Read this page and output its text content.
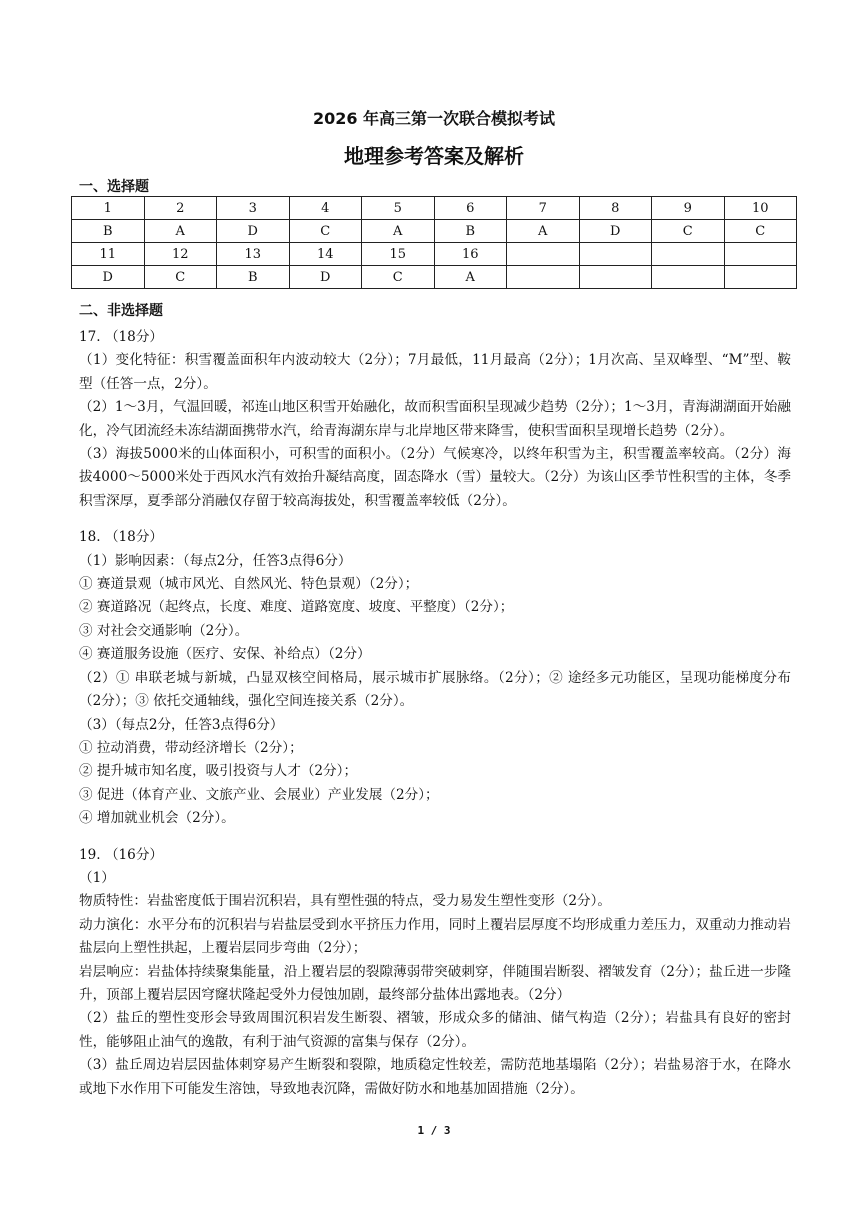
2026 年高三第一次联合模拟考试
地理参考答案及解析
一、选择题
1	2	3	4	5	6	7	8	9	10
B	A	D	C	A	B	A	D	C	C
11	12	13	14	15	16				
D	C	B	D	C	A				
二、非选择题

17. （18分）

（1）变化特征：积雪覆盖面积年内波动较大（2分）；7月最低，11月最高（2分）；1月次高、呈双峰型、“M”型、鞍型（任答一点，2分）。

（2）1～3月，气温回暖，祁连山地区积雪开始融化，故而积雪面积呈现减少趋势（2分）；1～3月，青海湖湖面开始融化，冷气团流经未冻结湖面携带水汽，给青海湖东岸与北岸地区带来降雪，使积雪面积呈现增长趋势（2分）。

（3）海拔5000米的山体面积小，可积雪的面积小。（2分）气候寒冷，以终年积雪为主，积雪覆盖率较高。（2分）海拔4000～5000米处于西风水汽有效抬升凝结高度，固态降水（雪）量较大。（2分）为该山区季节性积雪的主体，冬季积雪深厚，夏季部分消融仅存留于较高海拔处，积雪覆盖率较低（2分）。

18. （18分）

（1）影响因素：（每点2分，任答3点得6分）

① 赛道景观（城市风光、自然风光、特色景观）（2分）；

② 赛道路况（起终点，长度、难度、道路宽度、坡度、平整度）（2分）；

③ 对社会交通影响（2分）。

④ 赛道服务设施（医疗、安保、补给点）（2分）

（2）① 串联老城与新城，凸显双核空间格局，展示城市扩展脉络。（2分）；② 途经多元功能区，呈现功能梯度分布（2分）；③ 依托交通轴线，强化空间连接关系（2分）。

（3）（每点2分，任答3点得6分）

① 拉动消费，带动经济增长（2分）；

② 提升城市知名度，吸引投资与人才（2分）；

③ 促进（体育产业、文旅产业、会展业）产业发展（2分）；

④ 增加就业机会（2分）。

19. （16分）

（1）

物质特性：岩盐密度低于围岩沉积岩，具有塑性强的特点，受力易发生塑性变形（2分）。

动力演化：水平分布的沉积岩与岩盐层受到水平挤压力作用，同时上覆岩层厚度不均形成重力差压力，双重动力推动岩盐层向上塑性拱起，上覆岩层同步弯曲（2分）；

岩层响应：岩盐体持续聚集能量，沿上覆岩层的裂隙薄弱带突破刺穿，伴随围岩断裂、褶皱发育（2分）；盐丘进一步隆升，顶部上覆岩层因穹窿状隆起受外力侵蚀加剧，最终部分盐体出露地表。（2分）

（2）盐丘的塑性变形会导致周围沉积岩发生断裂、褶皱，形成众多的储油、储气构造（2分）；岩盐具有良好的密封性，能够阻止油气的逸散，有利于油气资源的富集与保存（2分）。

（3）盐丘周边岩层因盐体刺穿易产生断裂和裂隙，地质稳定性较差，需防范地基塌陷（2分）；岩盐易溶于水，在降水或地下水作用下可能发生溶蚀，导致地表沉降，需做好防水和地基加固措施（2分）。

1 / 3
